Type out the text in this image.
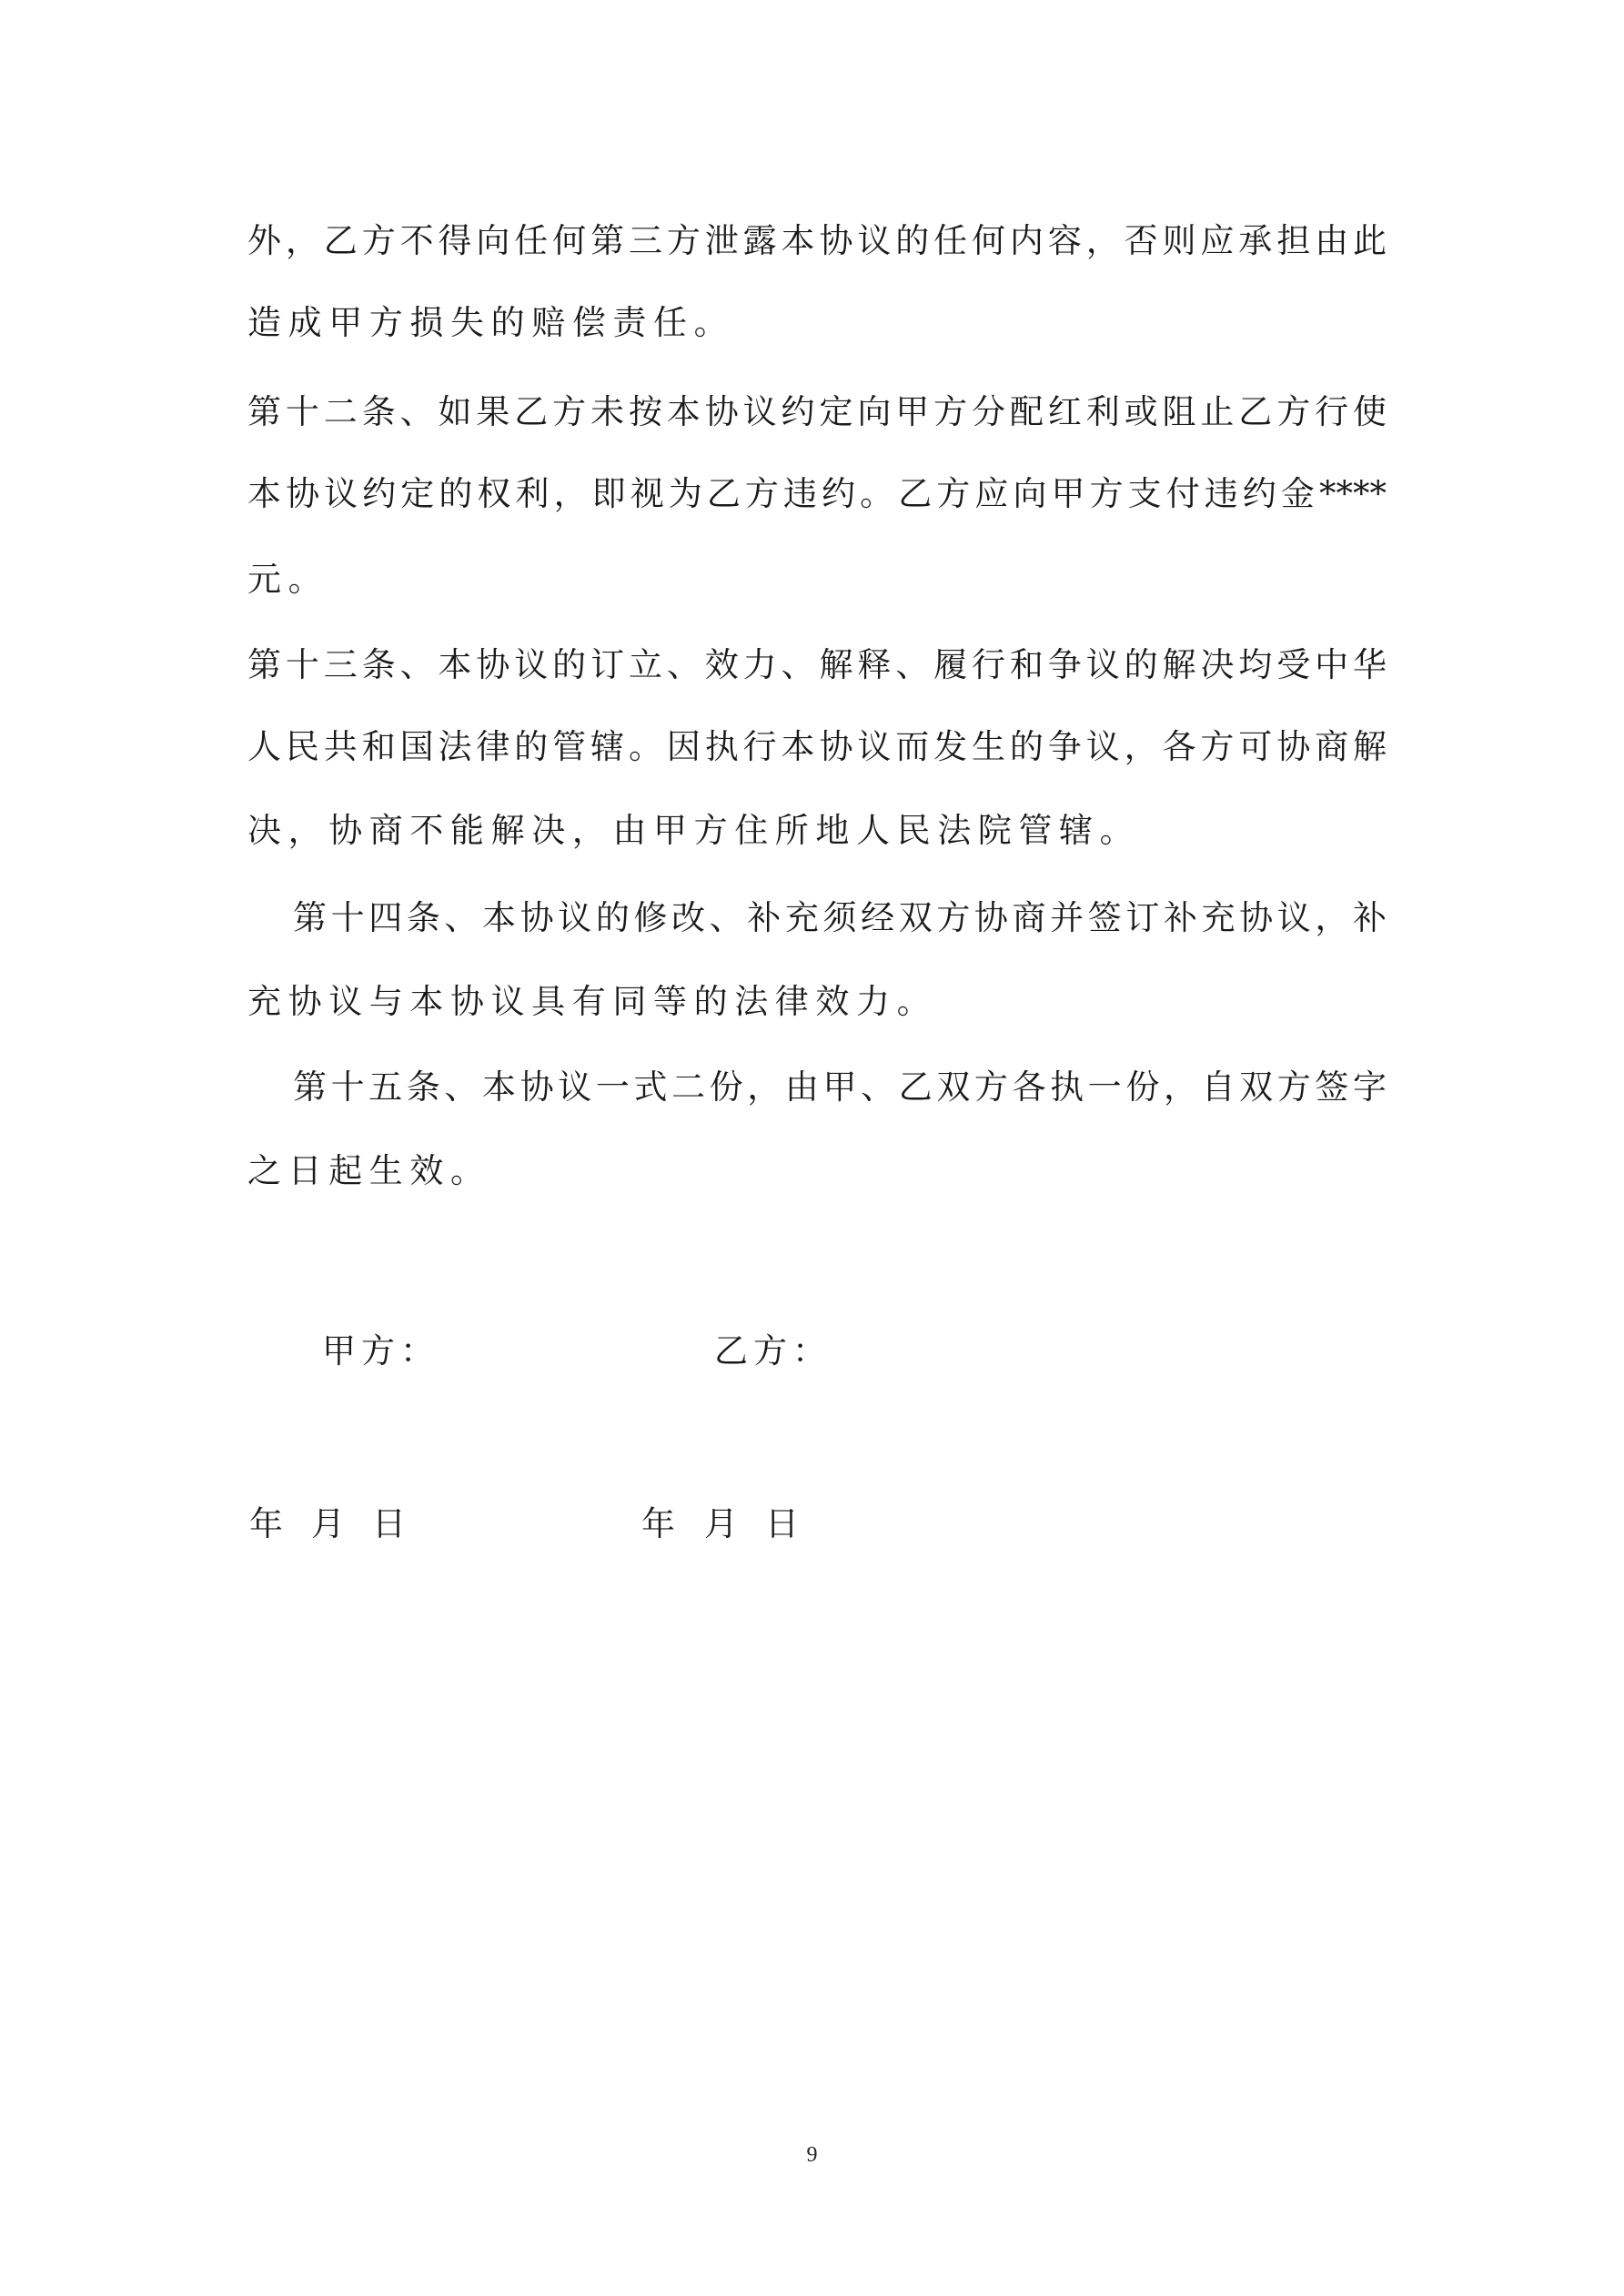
外，乙方不得向任何第三方泄露本协议的任何内容，否则应承担由此
造成甲方损失的赔偿责任。
第十二条、如果乙方未按本协议约定向甲方分配红利或阻止乙方行使
本协议约定的权利，即视为乙方违约。乙方应向甲方支付违约金****
元。
第十三条、本协议的订立、效力、解释、履行和争议的解决均受中华
人民共和国法律的管辖。因执行本协议而发生的争议，各方可协商解
决，协商不能解决，由甲方住所地人民法院管辖。
第十四条、本协议的修改、补充须经双方协商并签订补充协议，补
充协议与本协议具有同等的法律效力。
第十五条、本协议一式二份，由甲、乙双方各执一份，自双方签字
之日起生效。
甲方：	乙方：
年 月 日	年 月 日
9
